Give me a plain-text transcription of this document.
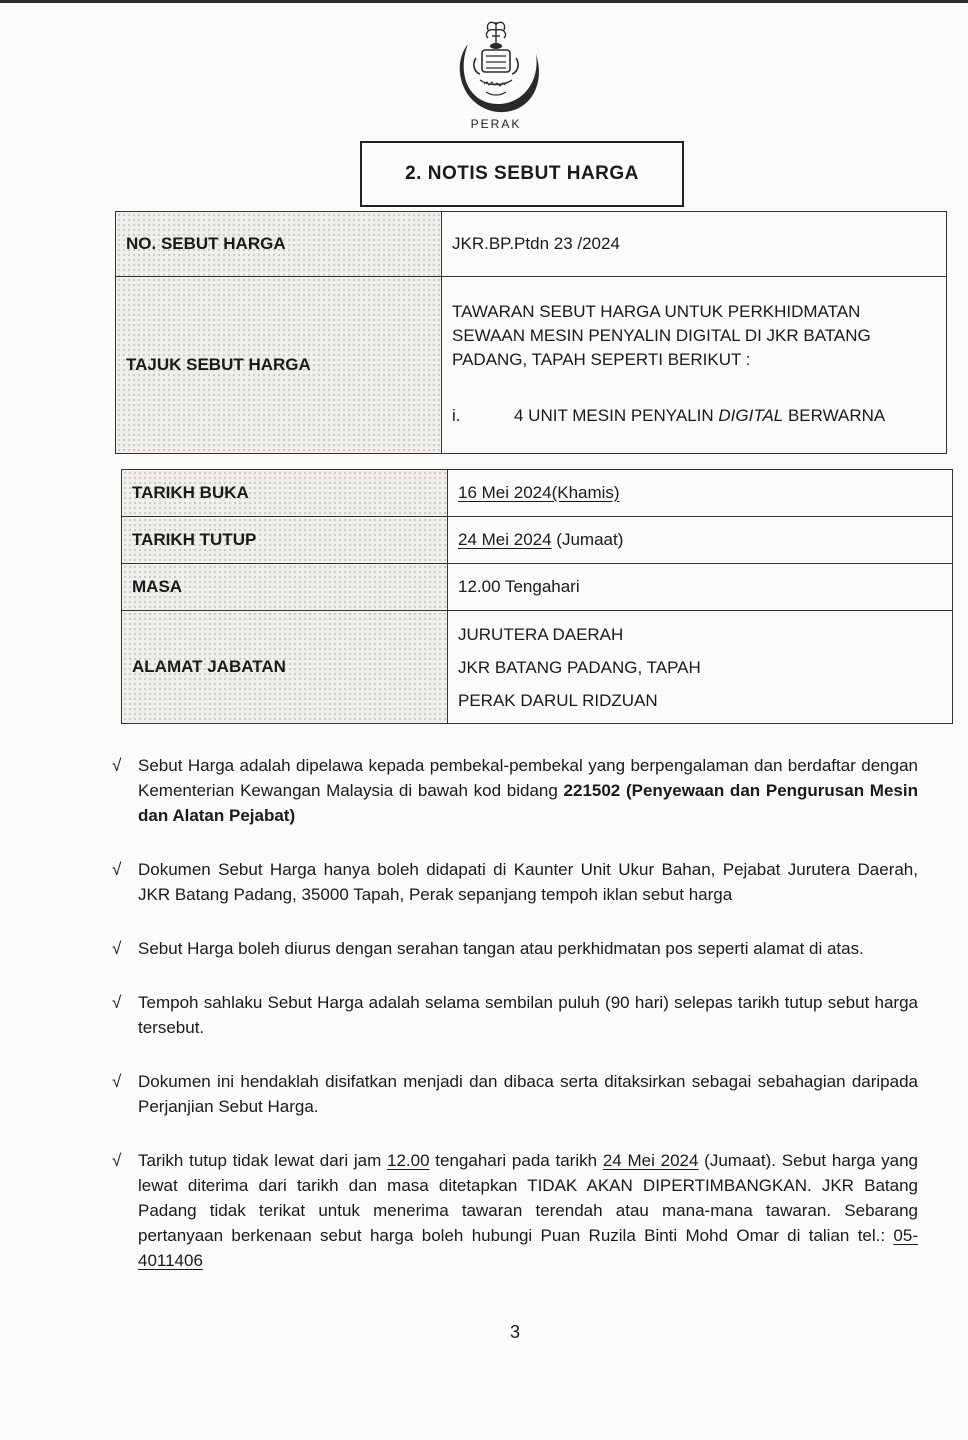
PERAK
2. NOTIS SEBUT HARGA
NO. SEBUT HARGA	JKR.BP.Ptdn 23 /2024
TAJUK SEBUT HARGA	TAWARAN SEBUT HARGA UNTUK PERKHIDMATAN SEWAAN MESIN PENYALIN DIGITAL DI JKR BATANG PADANG, TAPAH SEPERTI BERIKUT :
i. 4 UNIT MESIN PENYALIN DIGITAL BERWARNA
TARIKH BUKA	16 Mei 2024(Khamis)
TARIKH TUTUP	24 Mei 2024 (Jumaat)
MASA	12.00 Tengahari
ALAMAT JABATAN	JURUTERA DAERAH
JKR BATANG PADANG, TAPAH
PERAK DARUL RIDZUAN
√ Sebut Harga adalah dipelawa kepada pembekal-pembekal yang berpengalaman dan berdaftar dengan Kementerian Kewangan Malaysia di bawah kod bidang 221502 (Penyewaan dan Pengurusan Mesin dan Alatan Pejabat)
√ Dokumen Sebut Harga hanya boleh didapati di Kaunter Unit Ukur Bahan, Pejabat Jurutera Daerah, JKR Batang Padang, 35000 Tapah, Perak sepanjang tempoh iklan sebut harga
√ Sebut Harga boleh diurus dengan serahan tangan atau perkhidmatan pos seperti alamat di atas.
√ Tempoh sahlaku Sebut Harga adalah selama sembilan puluh (90 hari) selepas tarikh tutup sebut harga tersebut.
√ Dokumen ini hendaklah disifatkan menjadi dan dibaca serta ditaksirkan sebagai sebahagian daripada Perjanjian Sebut Harga.
√ Tarikh tutup tidak lewat dari jam 12.00 tengahari pada tarikh 24 Mei 2024 (Jumaat). Sebut harga yang lewat diterima dari tarikh dan masa ditetapkan TIDAK AKAN DIPERTIMBANGKAN. JKR Batang Padang tidak terikat untuk menerima tawaran terendah atau mana-mana tawaran. Sebarang pertanyaan berkenaan sebut harga boleh hubungi Puan Ruzila Binti Mohd Omar di talian tel.: 05-4011406
3
